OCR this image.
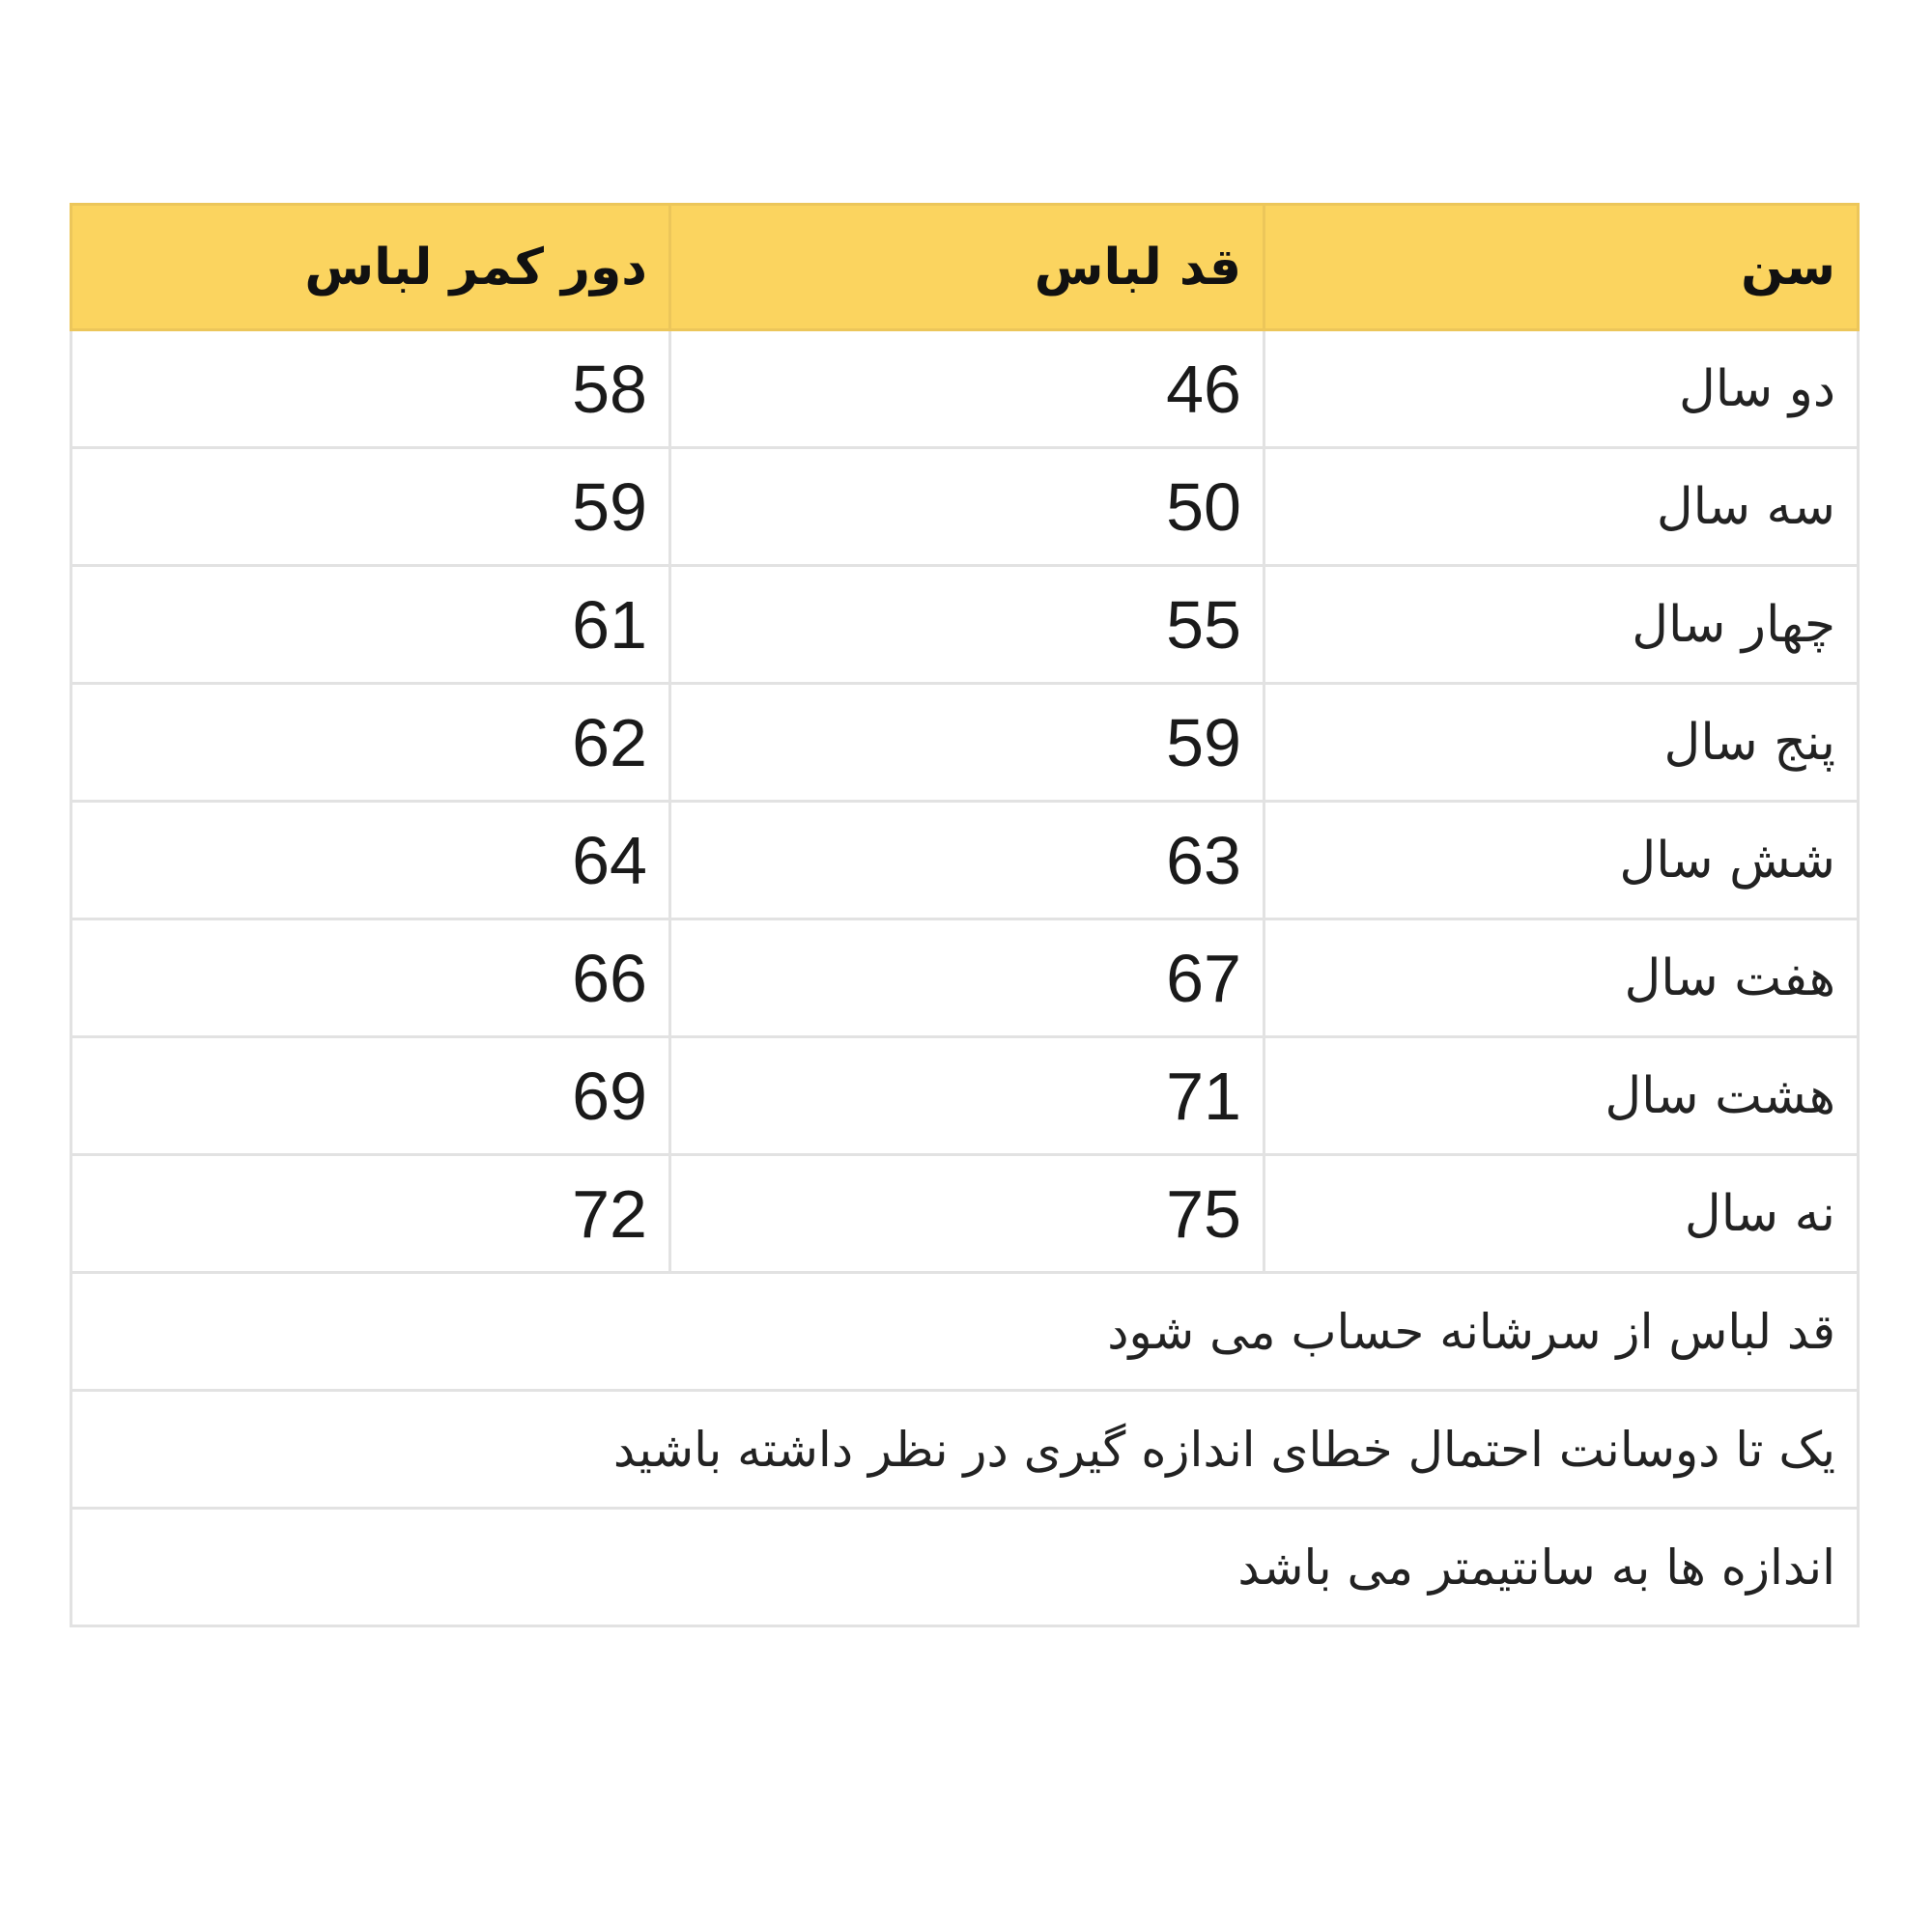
سن	قد لباس	دور کمر لباس
دو سال	46	58
سه سال	50	59
چهار سال	55	61
پنج سال	59	62
شش سال	63	64
هفت سال	67	66
هشت سال	71	69
نه سال	75	72
قد لباس از سرشانه حساب می شود		
یک تا دوسانت احتمال خطای اندازه گیری در نظر داشته باشید		
اندازه ها به سانتیمتر می باشد		
